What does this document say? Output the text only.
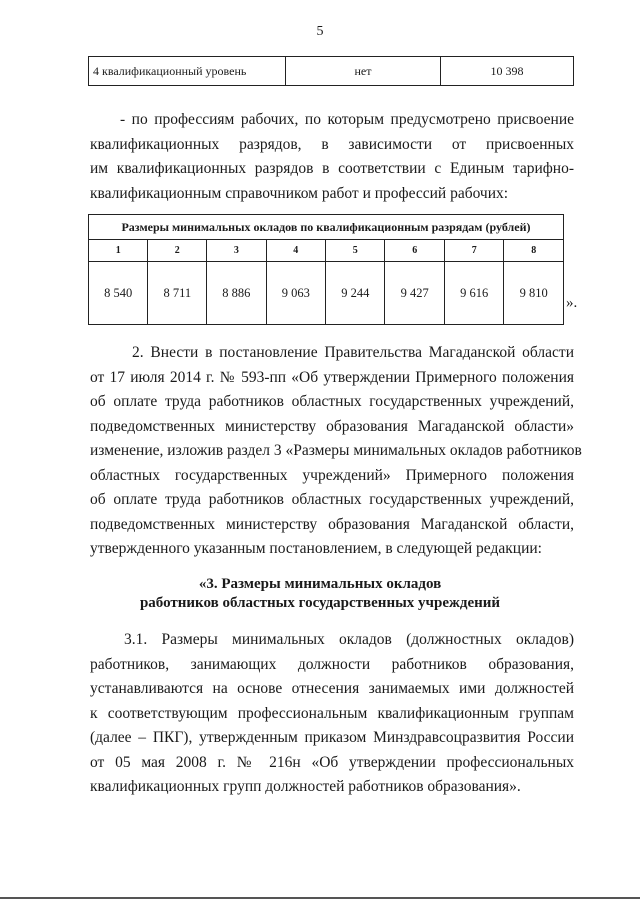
5
4 квалификационный уровень	нет	10 398
- по профессиям рабочих, по которым предусмотрено присвоение
квалификационных разрядов, в зависимости от присвоенных
им квалификационных разрядов в соответствии с Единым тарифно-
квалификационным справочником работ и профессий рабочих:
Размеры минимальных окладов по квалификационным разрядам (рублей)							
1	2	3	4	5	6	7	8
8 540	8 711	8 886	9 063	9 244	9 427	9 616	9 810
».
2. Внести в постановление Правительства Магаданской области
от 17 июля 2014 г. № 593-пп «Об утверждении Примерного положения
об оплате труда работников областных государственных учреждений,
подведомственных министерству образования Магаданской области»
изменение, изложив раздел 3 «Размеры минимальных окладов работников
областных государственных учреждений» Примерного положения
об оплате труда работников областных государственных учреждений,
подведомственных министерству образования Магаданской области,
утвержденного указанным постановлением, в следующей редакции:
«3. Размеры минимальных окладов
работников областных государственных учреждений
3.1. Размеры минимальных окладов (должностных окладов)
работников, занимающих должности работников образования,
устанавливаются на основе отнесения занимаемых ими должностей
к соответствующим профессиональным квалификационным группам
(далее – ПКГ), утвержденным приказом Минздравсоцразвития России
от 05 мая 2008 г. № 216н «Об утверждении профессиональных
квалификационных групп должностей работников образования».
